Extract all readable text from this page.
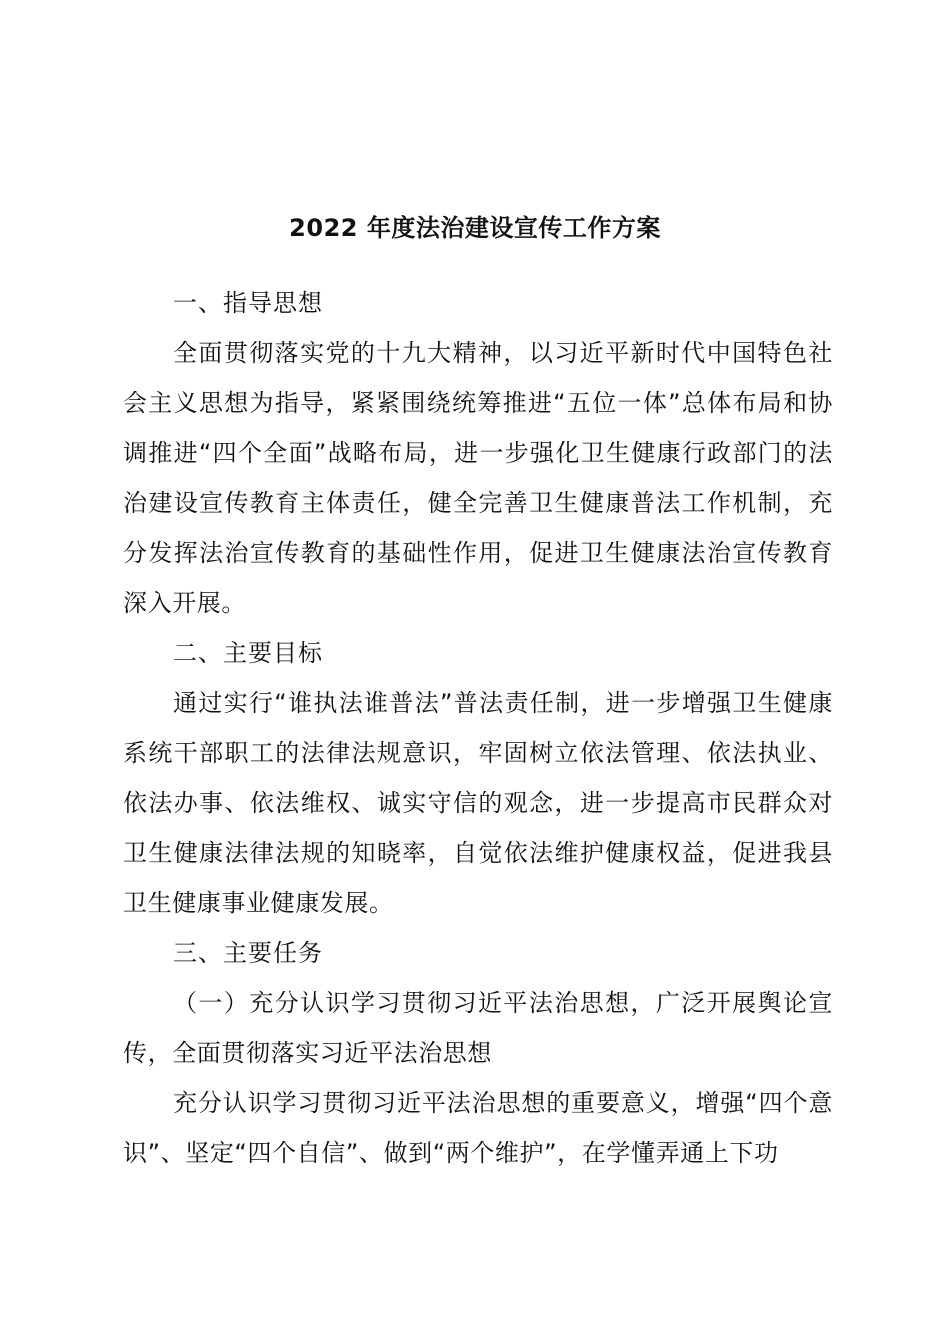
2022 年度法治建设宣传工作方案

一、指导思想

全面贯彻落实党的十九大精神，以习近平新时代中国特色社会主义思想为指导，紧紧围绕统筹推进“五位一体”总体布局和协调推进“四个全面”战略布局，进一步强化卫生健康行政部门的法治建设宣传教育主体责任，健全完善卫生健康普法工作机制，充分发挥法治宣传教育的基础性作用，促进卫生健康法治宣传教育深入开展。

二、主要目标

通过实行“谁执法谁普法”普法责任制，进一步增强卫生健康系统干部职工的法律法规意识，牢固树立依法管理、依法执业、依法办事、依法维权、诚实守信的观念，进一步提高市民群众对卫生健康法律法规的知晓率，自觉依法维护健康权益，促进我县卫生健康事业健康发展。

三、主要任务

（一）充分认识学习贯彻习近平法治思想，广泛开展舆论宣传，全面贯彻落实习近平法治思想

充分认识学习贯彻习近平法治思想的重要意义，增强“四个意识”、坚定“四个自信”、做到“两个维护”，在学懂弄通上下功
